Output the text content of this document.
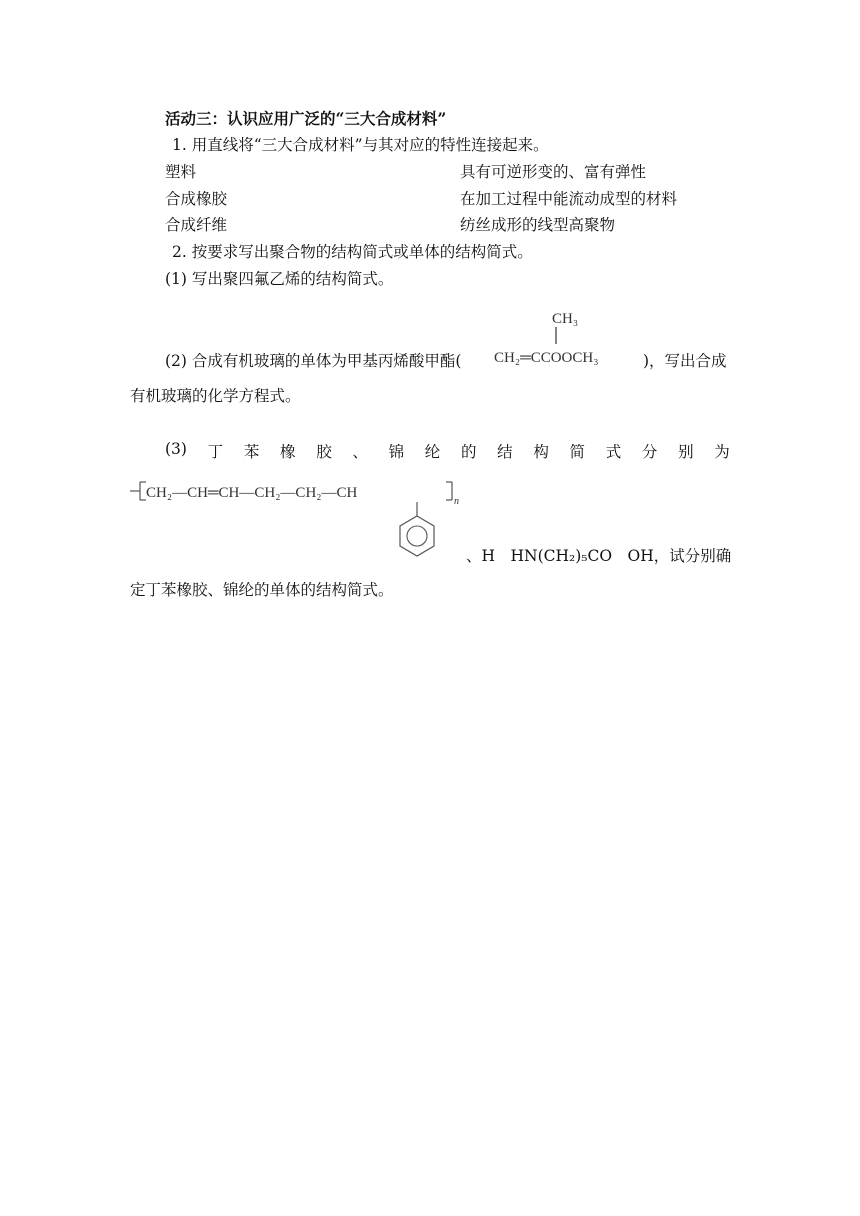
活动三：认识应用广泛的“三大合成材料”
1. 用直线将“三大合成材料”与其对应的特性连接起来。
塑料	具有可逆形变的、富有弹性
合成橡胶	在加工过程中能流动成型的材料
合成纤维	纺丝成形的线型高聚物
2. 按要求写出聚合物的结构简式或单体的结构简式。
(1) 写出聚四氟乙烯的结构简式。
CH₃
CH₂═CCOOCH₃
(2) 合成有机玻璃的单体为甲基丙烯酸甲酯(	)，写出合成
有机玻璃的化学方程式。
(3) 丁 苯 橡 胶 、 锦 纶 的 结 构 简 式 分 别 为
CH₂—CH═CH—CH₂—CH₂—CH
n
、H　HN(CH₂)₅CO　OH，试分别确
定丁苯橡胶、锦纶的单体的结构简式。
